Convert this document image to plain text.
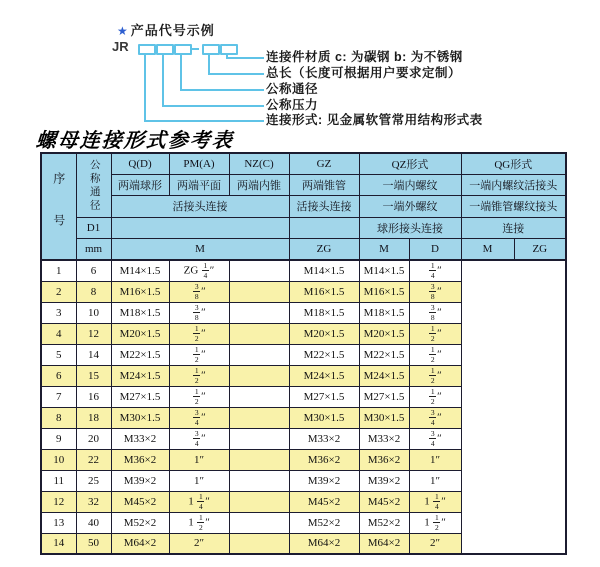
★ 产品代号示例
JR
连接件材质 c: 为碳钢 b: 为不锈钢
总长（长度可根据用户要求定制）
公称通径
公称压力
连接形式: 见金属软管常用结构形式表
螺母连接形式参考表
序号	公称通径	Q(D)	PM(A)	NZ(C)	GZ	QZ形式		QG形式	
		两端球形	两端平面	两端内锥	两端锥管	一端内螺纹		一端内螺纹活接头	
		活接头连接			活接头连接	一端外螺纹		一端锥管螺纹接头	
	D1					球形接头连接		连接	
	mm	M			ZG	M	D	M	ZG
1	6	M14×1.5	ZG $\frac{1}{4}$ ″		M14×1.5	M14×1.5	$\frac{1}{4}$ ″		
2	8	M16×1.5	$\frac{3}{8}$ ″		M16×1.5	M16×1.5	$\frac{3}{8}$ ″		
3	10	M18×1.5	$\frac{3}{8}$ ″		M18×1.5	M18×1.5	$\frac{3}{8}$ ″		
4	12	M20×1.5	$\frac{1}{2}$ ″		M20×1.5	M20×1.5	$\frac{1}{2}$ ″		
5	14	M22×1.5	$\frac{1}{2}$ ″		M22×1.5	M22×1.5	$\frac{1}{2}$ ″		
6	15	M24×1.5	$\frac{1}{2}$ ″		M24×1.5	M24×1.5	$\frac{1}{2}$ ″		
7	16	M27×1.5	$\frac{1}{2}$ ″		M27×1.5	M27×1.5	$\frac{1}{2}$ ″		
8	18	M30×1.5	$\frac{3}{4}$ ″		M30×1.5	M30×1.5	$\frac{3}{4}$ ″		
9	20	M33×2	$\frac{3}{4}$ ″		M33×2	M33×2	$\frac{3}{4}$ ″		
10	22	M36×2	1″		M36×2	M36×2	1″		
11	25	M39×2	1″		M39×2	M39×2	1″		
12	32	M45×2	$1 \frac{1}{4}$ ″		M45×2	M45×2	$1 \frac{1}{4}$ ″		
13	40	M52×2	$1 \frac{1}{2}$ ″		M52×2	M52×2	$1 \frac{1}{2}$ ″		
14	50	M64×2	2″		M64×2	M64×2	2″		
